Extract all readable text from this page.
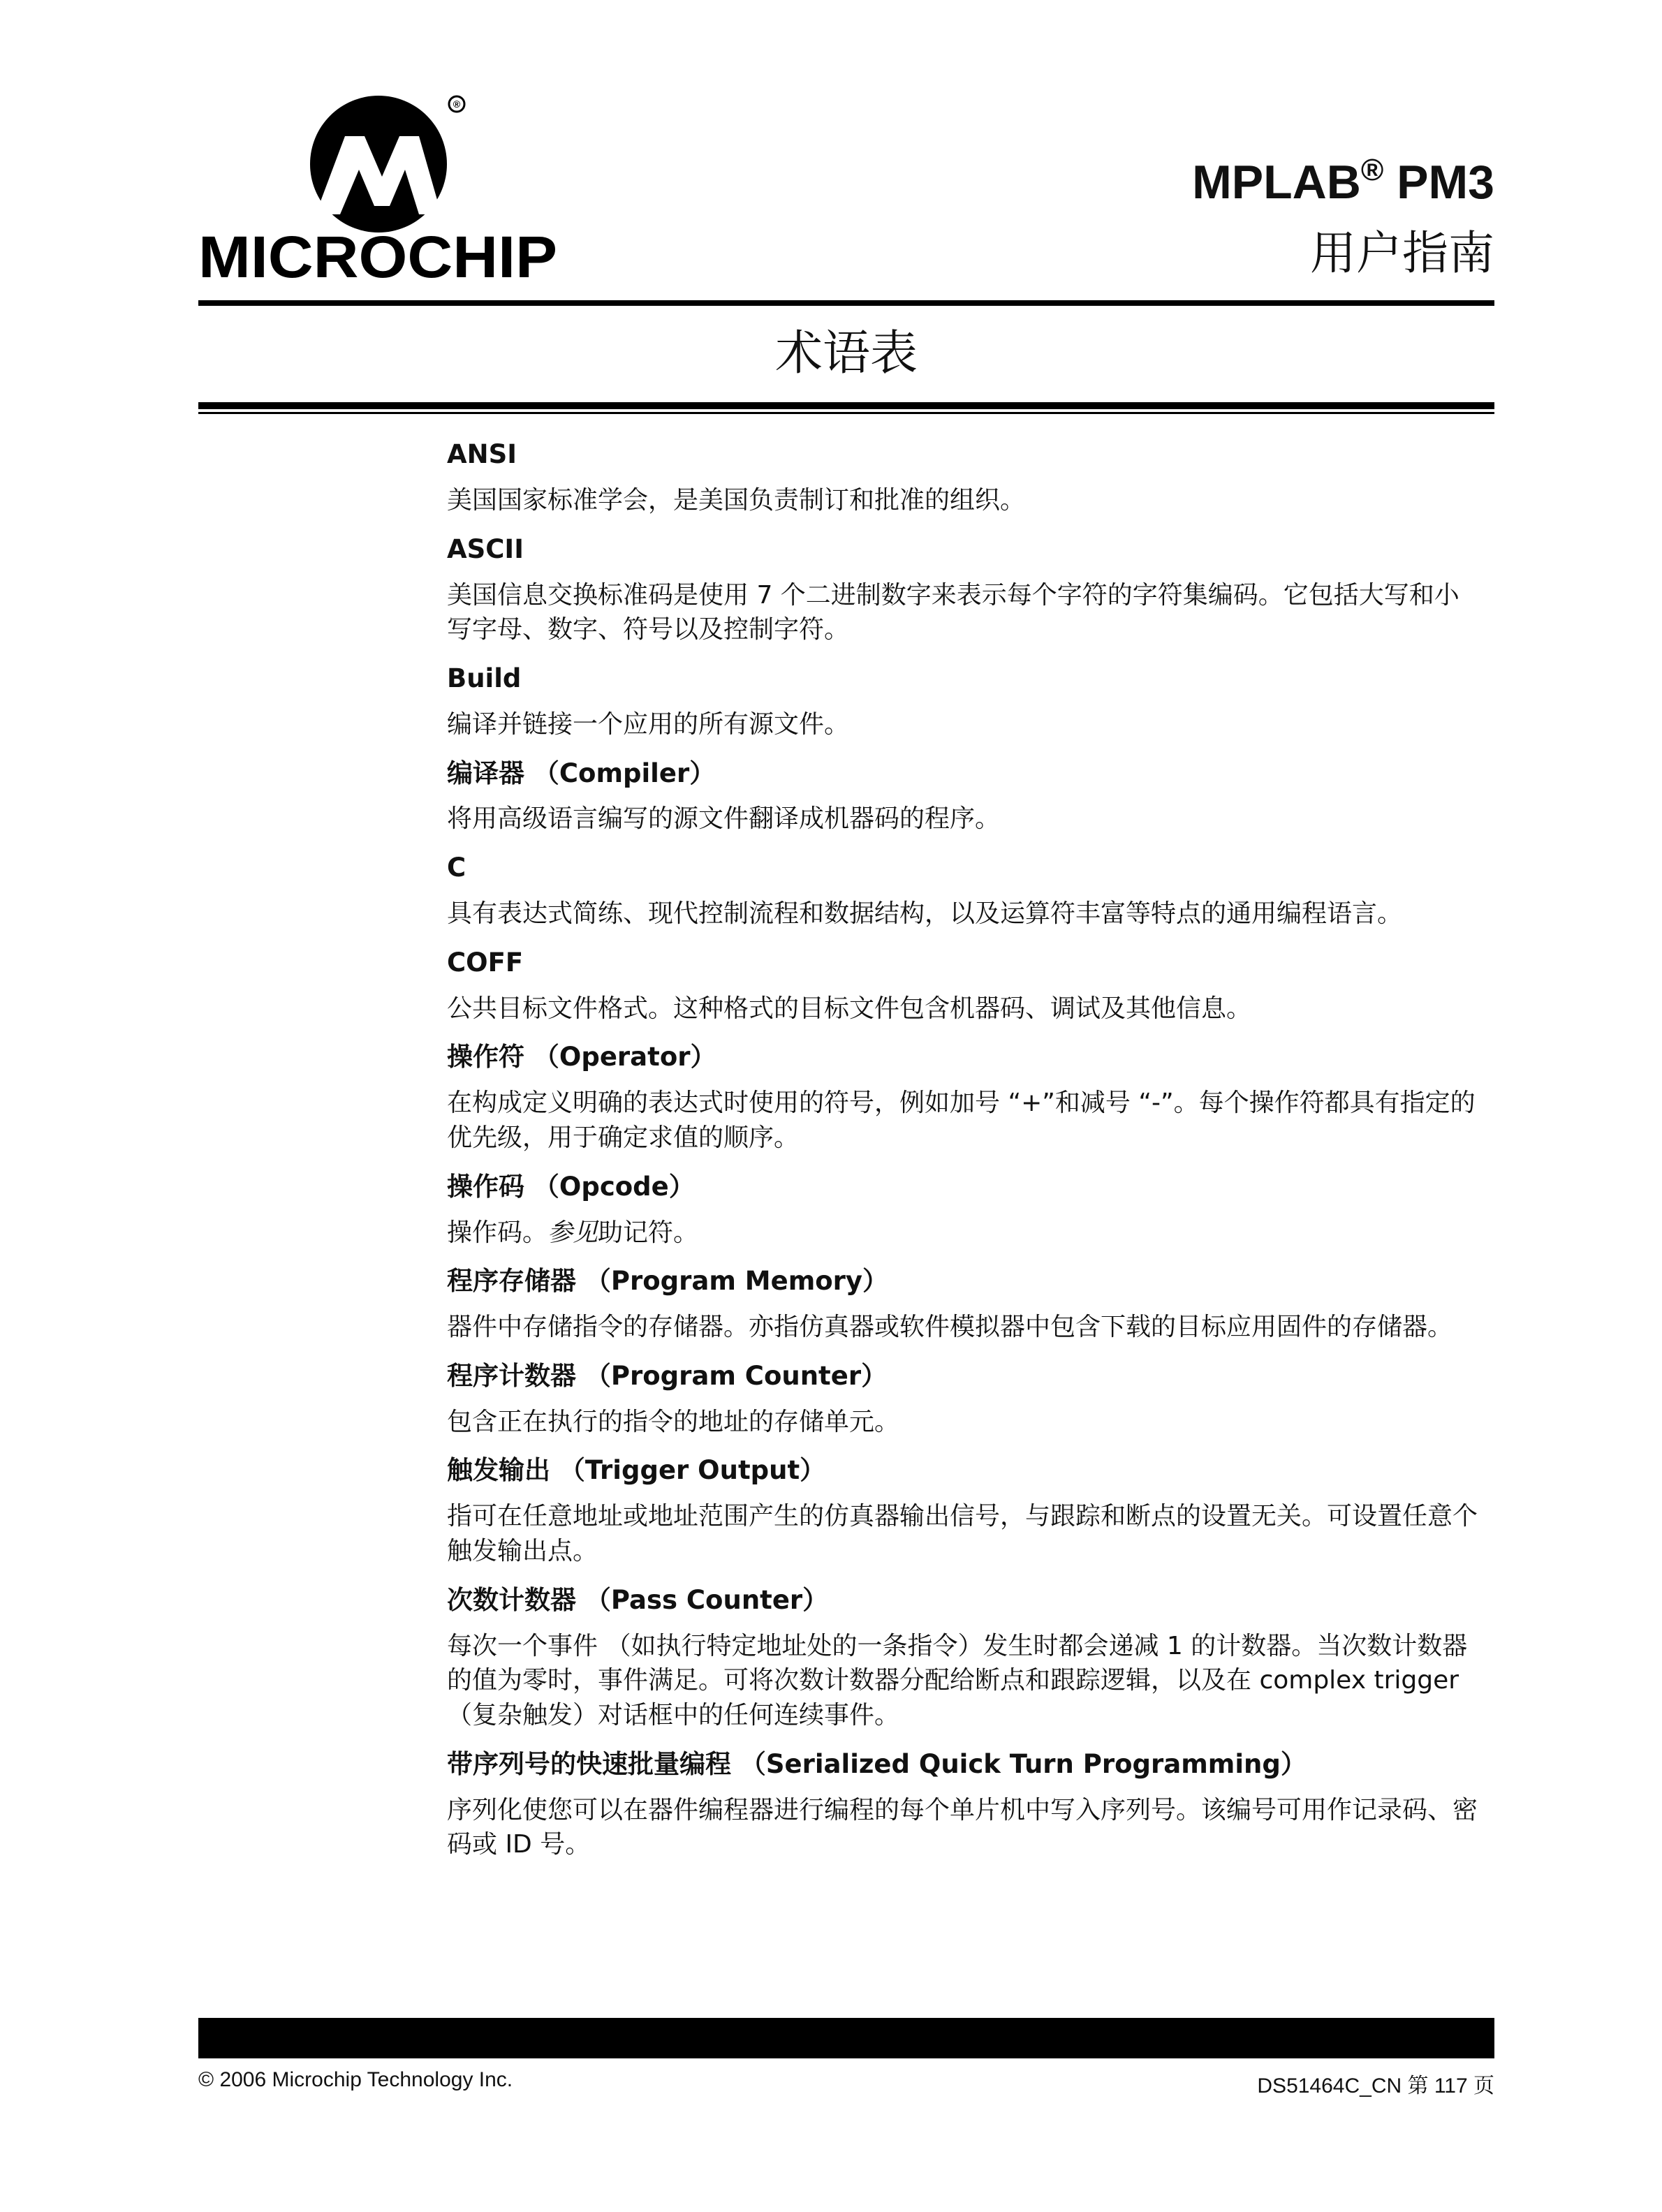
®
MICROCHIP
MPLAB® PM3
用户指南
术语表

ANSI

美国国家标准学会，是美国负责制订和批准的组织。

ASCII

美国信息交换标准码是使用 7 个二进制数字来表示每个字符的字符集编码。它包括大写和小写字母、数字、符号以及控制字符。

Build

编译并链接一个应用的所有源文件。

编译器 （Compiler）

将用高级语言编写的源文件翻译成机器码的程序。

C

具有表达式简练、现代控制流程和数据结构，以及运算符丰富等特点的通用编程语言。

COFF

公共目标文件格式。这种格式的目标文件包含机器码、调试及其他信息。

操作符 （Operator）

在构成定义明确的表达式时使用的符号，例如加号 “+”和减号 “-”。每个操作符都具有指定的优先级，用于确定求值的顺序。

操作码 （Opcode）

操作码。参见助记符。

程序存储器 （Program Memory）

器件中存储指令的存储器。亦指仿真器或软件模拟器中包含下载的目标应用固件的存储器。

程序计数器 （Program Counter）

包含正在执行的指令的地址的存储单元。

触发输出 （Trigger Output）

指可在任意地址或地址范围产生的仿真器输出信号，与跟踪和断点的设置无关。可设置任意个触发输出点。

次数计数器 （Pass Counter）

每次一个事件 （如执行特定地址处的一条指令）发生时都会递减 1 的计数器。当次数计数器的值为零时，事件满足。可将次数计数器分配给断点和跟踪逻辑，以及在 complex trigger （复杂触发）对话框中的任何连续事件。

带序列号的快速批量编程 （Serialized Quick Turn Programming）

序列化使您可以在器件编程器进行编程的每个单片机中写入序列号。该编号可用作记录码、密码或 ID 号。

© 2006 Microchip Technology Inc.	DS51464C_CN 第 117 页
